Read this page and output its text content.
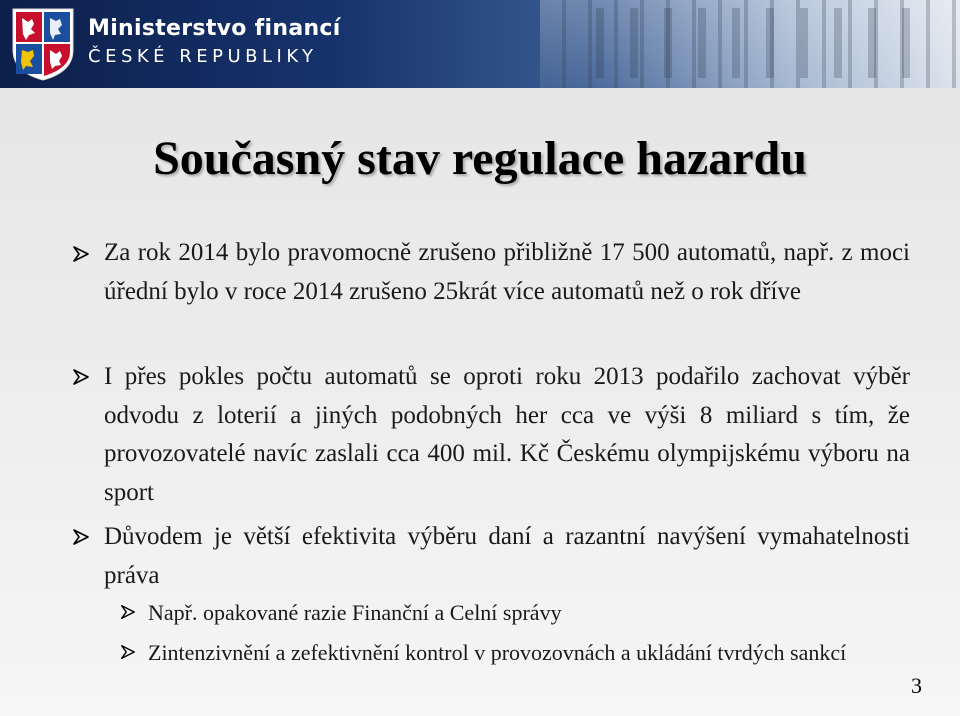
Ministerstvo financí
ČESKÉ REPUBLIKY
Současný stav regulace hazardu
Za rok 2014 bylo pravomocně zrušeno přibližně 17 500 automatů, např. z moci úřední bylo v roce 2014 zrušeno 25krát více automatů než o rok dříve
I přes pokles počtu automatů se oproti roku 2013 podařilo zachovat výběr odvodu z loterií a jiných podobných her cca ve výši 8 miliard s tím, že provozovatelé navíc zaslali cca 400 mil. Kč Českému olympijskému výboru na sport
Důvodem je větší efektivita výběru daní a razantní navýšení vymahatelnosti práva
Např. opakované razie Finanční a Celní správy
Zintenzivnění a zefektivnění kontrol v provozovnách a ukládání tvrdých sankcí
3
